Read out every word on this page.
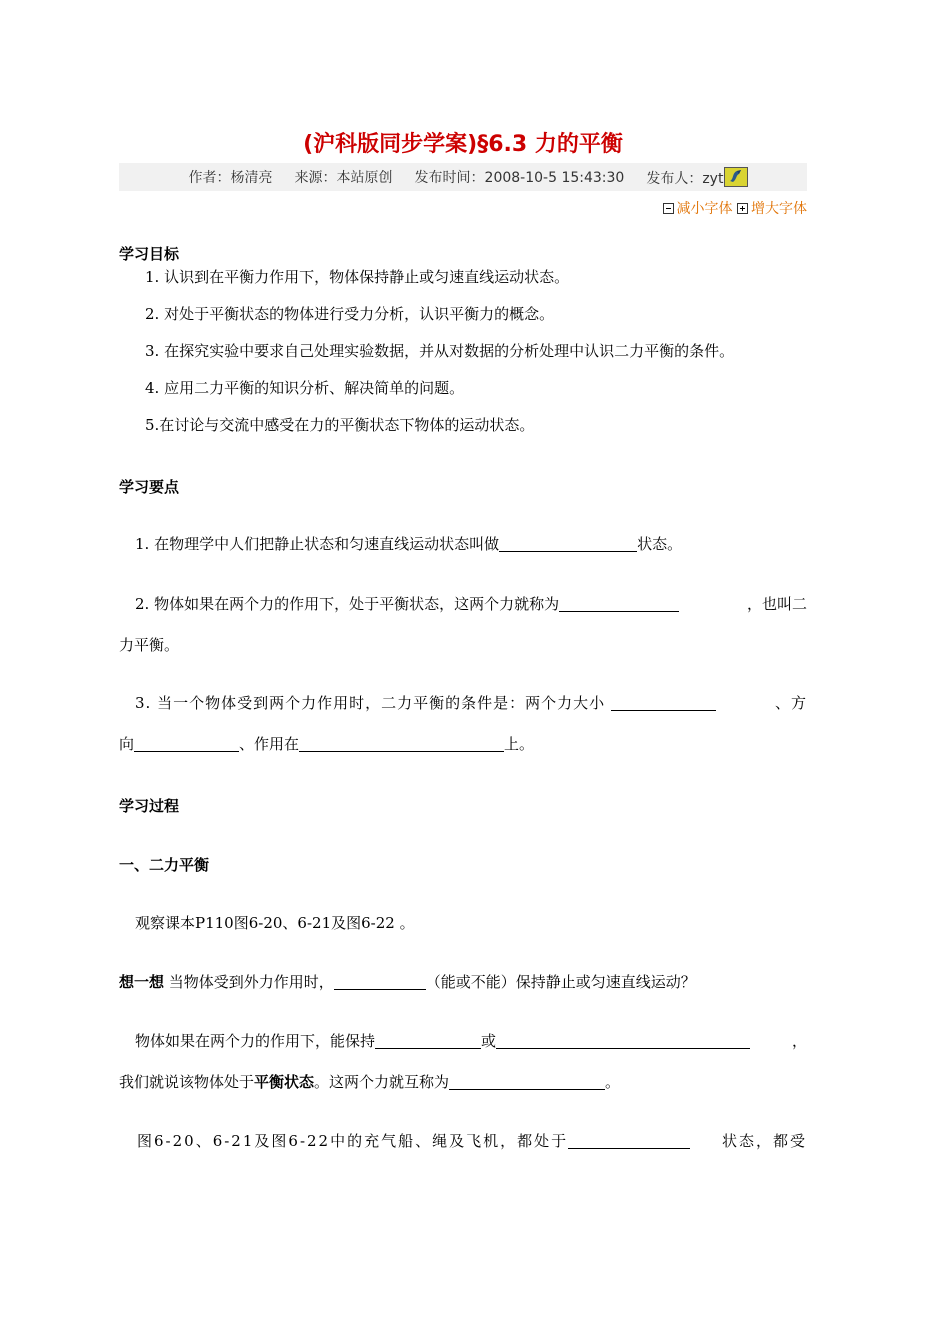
(沪科版同步学案)§6.3 力的平衡
作者：杨清亮 来源：本站原创 发布时间：2008-10-5 15:43:30 发布人：zyt
减小字体 增大字体
学习目标
1. 认识到在平衡力作用下，物体保持静止或匀速直线运动状态。
2. 对处于平衡状态的物体进行受力分析，认识平衡力的概念。
3. 在探究实验中要求自己处理实验数据，并从对数据的分析处理中认识二力平衡的条件。
4. 应用二力平衡的知识分析、解决简单的问题。
5.在讨论与交流中感受在力的平衡状态下物体的运动状态。
学习要点
1. 在物理学中人们把静止状态和匀速直线运动状态叫做	状态。
2. 物体如果在两个力的作用下，处于平衡状态，这两个力就称为	，也叫二
力平衡。
3. 当一个物体受到两个力作用时，二力平衡的条件是：两个力大小	、方
向	、作用在	上。
学习过程
一、二力平衡
观察课本P110图6-20、6-21及图6-22 。
想一想 当物体受到外力作用时，	（能或不能）保持静止或匀速直线运动？
物体如果在两个力的作用下，能保持	或	，
我们就说该物体处于平衡状态。这两个力就互称为	。
图6-20、6-21及图6-22中的充气船、绳及飞机，都处于	状态，都受
